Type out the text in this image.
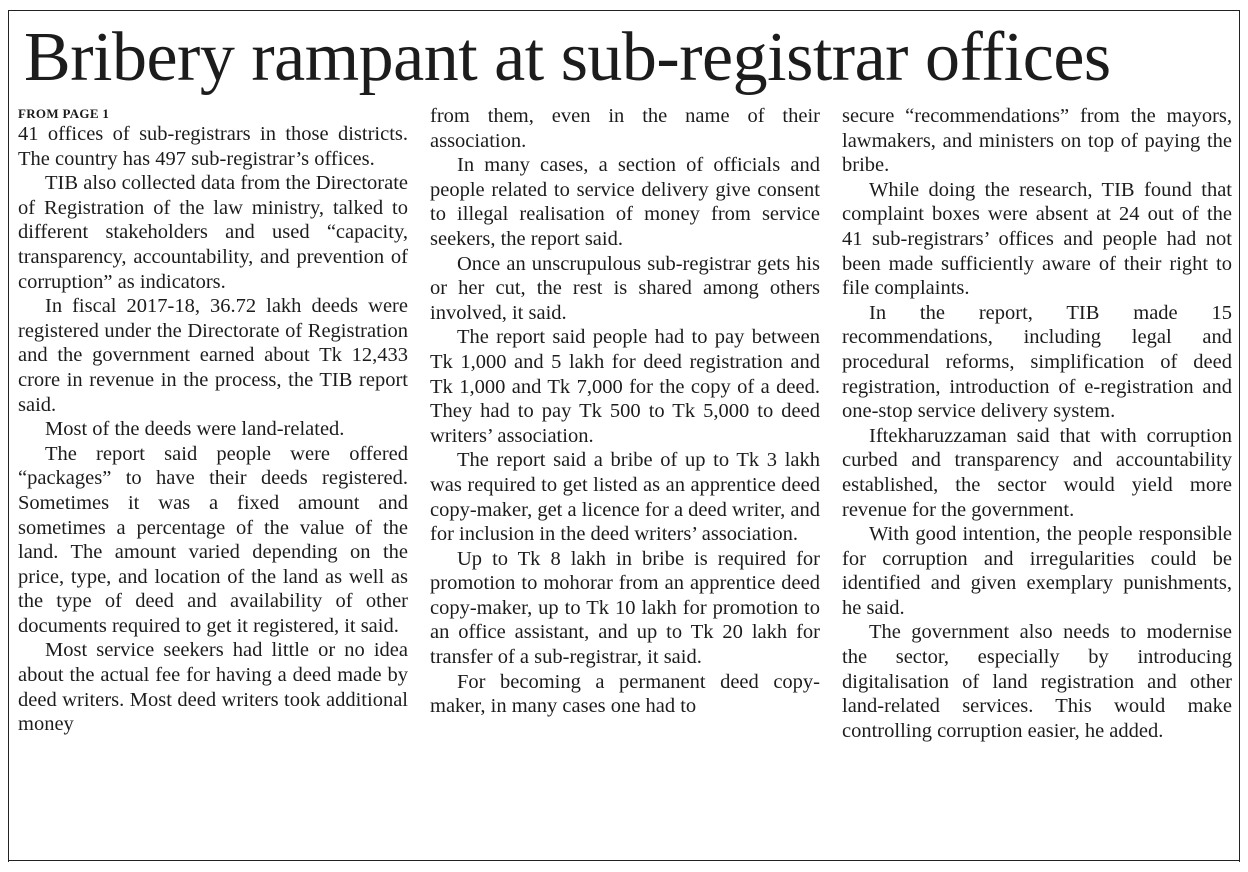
Bribery rampant at sub-registrar offices
FROM PAGE 1

41 offices of sub-registrars in those districts. The country has 497 sub-registrar’s offices.

TIB also collected data from the Directorate of Registration of the law ministry, talked to different stakeholders and used “capacity, transparency, accountability, and prevention of corruption” as indicators.

In fiscal 2017-18, 36.72 lakh deeds were registered under the Directorate of Registration and the government earned about Tk 12,433 crore in revenue in the process, the TIB report said.

Most of the deeds were land-related.

The report said people were offered “packages” to have their deeds registered. Sometimes it was a fixed amount and sometimes a percentage of the value of the land. The amount varied depending on the price, type, and location of the land as well as the type of deed and availability of other documents required to get it registered, it said.

Most service seekers had little or no idea about the actual fee for having a deed made by deed writers. Most deed writers took additional money

from them, even in the name of their association.

In many cases, a section of officials and people related to service delivery give consent to illegal realisation of money from service seekers, the report said.

Once an unscrupulous sub-registrar gets his or her cut, the rest is shared among others involved, it said.

The report said people had to pay between Tk 1,000 and 5 lakh for deed registration and Tk 1,000 and Tk 7,000 for the copy of a deed. They had to pay Tk 500 to Tk 5,000 to deed writers’ association.

The report said a bribe of up to Tk 3 lakh was required to get listed as an apprentice deed copy-maker, get a licence for a deed writer, and for inclusion in the deed writers’ association.

Up to Tk 8 lakh in bribe is required for promotion to mohorar from an apprentice deed copy-maker, up to Tk 10 lakh for promotion to an office assistant, and up to Tk 20 lakh for transfer of a sub-registrar, it said.

For becoming a permanent deed copy-maker, in many cases one had to

secure “recommendations” from the mayors, lawmakers, and ministers on top of paying the bribe.

While doing the research, TIB found that complaint boxes were absent at 24 out of the 41 sub-registrars’ offices and people had not been made sufficiently aware of their right to file complaints.

In the report, TIB made 15 recommendations, including legal and procedural reforms, simplification of deed registration, introduction of e-registration and one-stop service delivery system.

Iftekharuzzaman said that with corruption curbed and transparency and accountability established, the sector would yield more revenue for the government.

With good intention, the people responsible for corruption and irregularities could be identified and given exemplary punishments, he said.

The government also needs to modernise the sector, especially by introducing digitalisation of land registration and other land-related services. This would make controlling corruption easier, he added.
